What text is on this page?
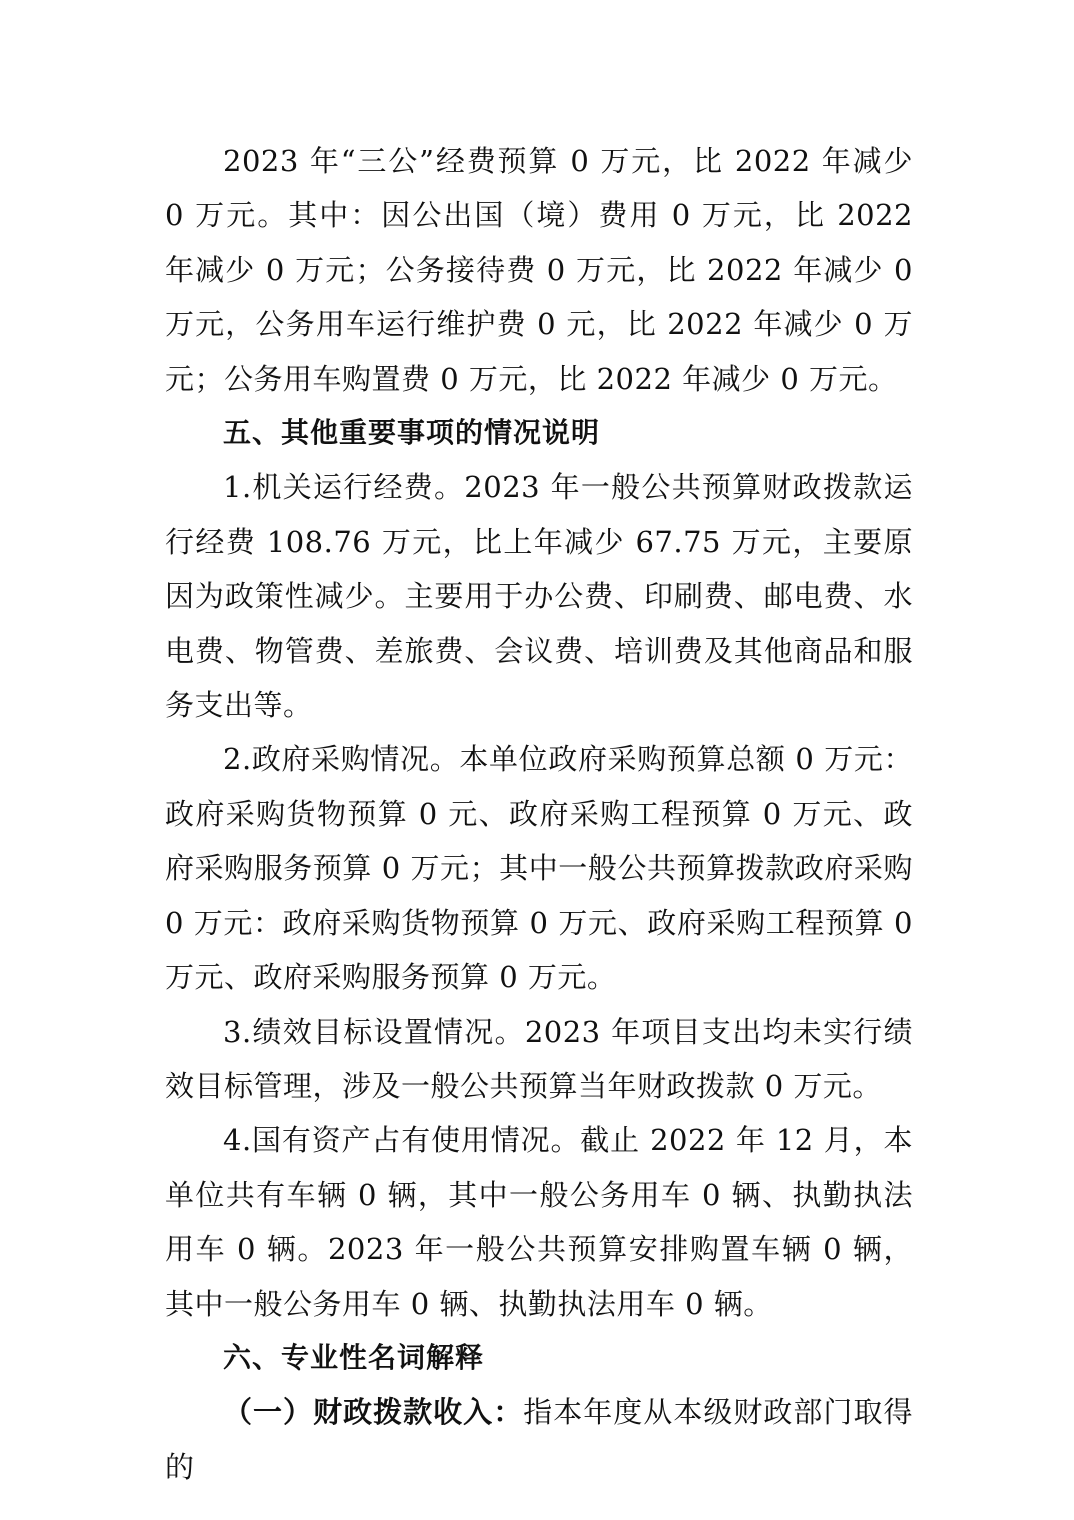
2023 年“三公”经费预算 0 万元，比 2022 年减少 0 万元。其中：因公出国（境）费用 0 万元，比 2022 年减少 0 万元；公务接待费 0 万元，比 2022 年减少 0 万元，公务用车运行维护费 0 元，比 2022 年减少 0 万元；公务用车购置费 0 万元，比 2022 年减少 0 万元。

五、其他重要事项的情况说明

1.机关运行经费。2023 年一般公共预算财政拨款运行经费 108.76 万元，比上年减少 67.75 万元，主要原因为政策性减少。主要用于办公费、印刷费、邮电费、水电费、物管费、差旅费、会议费、培训费及其他商品和服务支出等。

2.政府采购情况。本单位政府采购预算总额 0 万元：政府采购货物预算 0 元、政府采购工程预算 0 万元、政府采购服务预算 0 万元；其中一般公共预算拨款政府采购 0 万元：政府采购货物预算 0 万元、政府采购工程预算 0 万元、政府采购服务预算 0 万元。

3.绩效目标设置情况。2023 年项目支出均未实行绩效目标管理，涉及一般公共预算当年财政拨款 0 万元。

4.国有资产占有使用情况。截止 2022 年 12 月，本单位共有车辆 0 辆，其中一般公务用车 0 辆、执勤执法用车 0 辆。2023 年一般公共预算安排购置车辆 0 辆，其中一般公务用车 0 辆、执勤执法用车 0 辆。

六、专业性名词解释

（一）财政拨款收入：指本年度从本级财政部门取得的
